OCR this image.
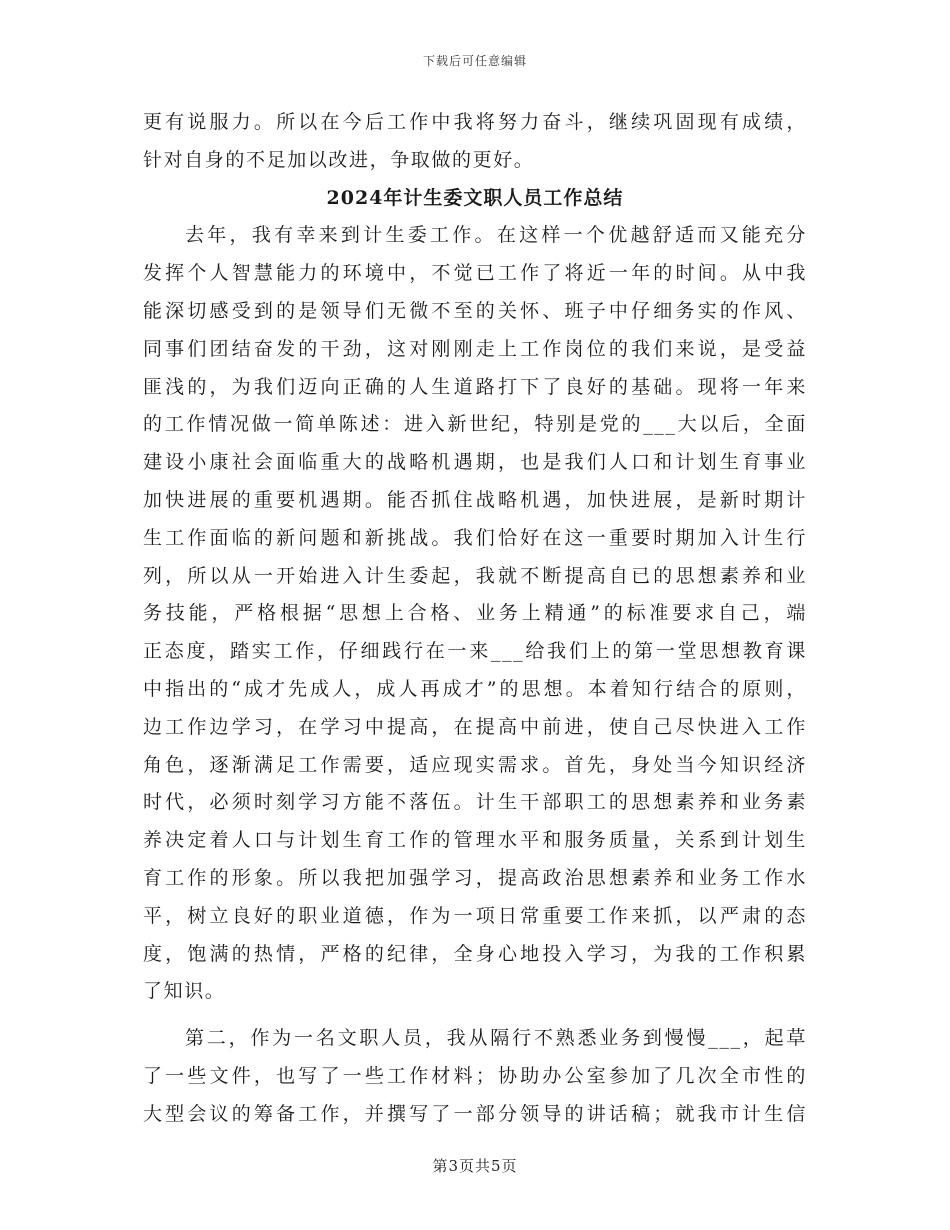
下载后可任意编辑
更有说服力。所以在今后工作中我将努力奋斗，继续巩固现有成绩，
针对自身的不足加以改进，争取做的更好。
2024年计生委文职人员工作总结
去年，我有幸来到计生委工作。在这样一个优越舒适而又能充分
发挥个人智慧能力的环境中，不觉已工作了将近一年的时间。从中我
能深切感受到的是领导们无微不至的关怀、班子中仔细务实的作风、
同事们团结奋发的干劲，这对刚刚走上工作岗位的我们来说，是受益
匪浅的，为我们迈向正确的人生道路打下了良好的基础。现将一年来
的工作情况做一简单陈述：进入新世纪，特别是党的___大以后，全面
建设小康社会面临重大的战略机遇期，也是我们人口和计划生育事业
加快进展的重要机遇期。能否抓住战略机遇，加快进展，是新时期计
生工作面临的新问题和新挑战。我们恰好在这一重要时期加入计生行
列，所以从一开始进入计生委起，我就不断提高自已的思想素养和业
务技能，严格根据“思想上合格、业务上精通”的标准要求自己，端
正态度，踏实工作，仔细践行在一来___给我们上的第一堂思想教育课
中指出的“成才先成人，成人再成才”的思想。本着知行结合的原则，
边工作边学习，在学习中提高，在提高中前进，使自己尽快进入工作
角色，逐渐满足工作需要，适应现实需求。首先，身处当今知识经济
时代，必须时刻学习方能不落伍。计生干部职工的思想素养和业务素
养决定着人口与计划生育工作的管理水平和服务质量，关系到计划生
育工作的形象。所以我把加强学习，提高政治思想素养和业务工作水
平，树立良好的职业道德，作为一项日常重要工作来抓，以严肃的态
度，饱满的热情，严格的纪律，全身心地投入学习，为我的工作积累
了知识。
第二，作为一名文职人员，我从隔行不熟悉业务到慢慢___，起草
了一些文件，也写了一些工作材料；协助办公室参加了几次全市性的
大型会议的筹备工作，并撰写了一部分领导的讲话稿；就我市计生信
第3页共5页
